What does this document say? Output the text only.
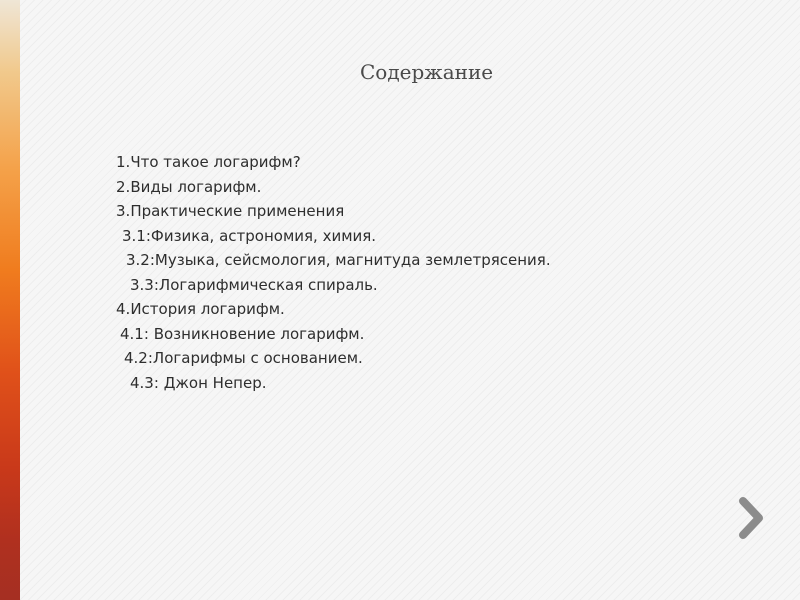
Содержание
1.Что такое логарифм?
2.Виды логарифм.
3.Практические применения
3.1:Физика, астрономия, химия.
3.2:Музыка, сейсмология, магнитуда землетрясения.
3.3:Логарифмическая спираль.
4.История логарифм.
4.1: Возникновение логарифм.
4.2:Логарифмы с основанием.
4.3: Джон Непер.
